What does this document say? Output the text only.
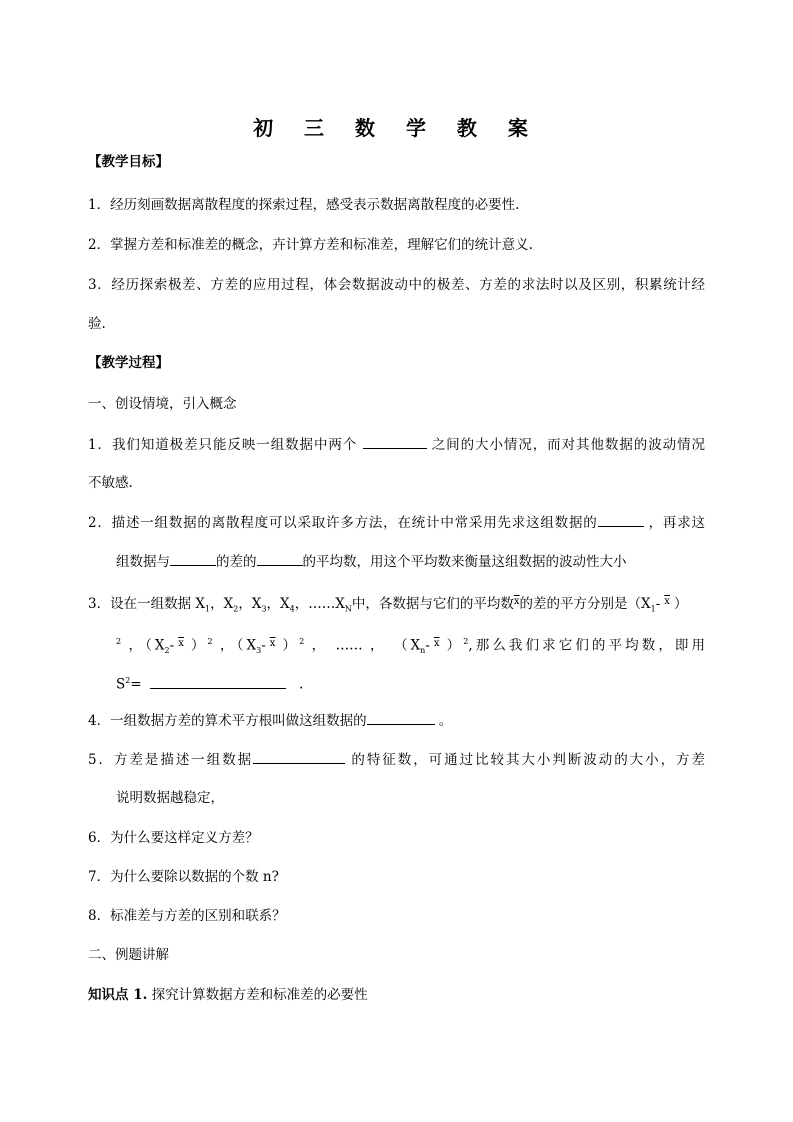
初 三 数 学 教 案
【教学目标】
1．经历刻画数据离散程度的探索过程，感受表示数据离散程度的必要性.
2．掌握方差和标准差的概念，卉计算方差和标准差，理解它们的统计意义.
3．经历探索极差、方差的应用过程，体会数据波动中的极差、方差的求法时以及区别，积累统计经
验.
【教学过程】
一、创设情境，引入概念
1．我们知道极差只能反映一组数据中两个	之间的大小情况，而对其他数据的波动情况
不敏感.
2．描述一组数据的离散程度可以采取许多方法，在统计中常采用先求这组数据的	，再求这
组数据与	的差的	的平均数，用这个平均数来衡量这组数据的波动性大小
3．设在一组数据 $X_1$，$X_2$，$X_3$，$X_4$，$\dots\dots X_N$中，各数据与它们的平均数$^{\overline{x}}$的差的平方分别是（$X_1-$ $^{\overline{x}}$ ）
$^2$ ，（$X_2-$ $^{\overline{x}}$ ）$^2$ ，（$X_3-$ $^{\overline{x}}$ ）$^2$ ， …… ， （$X_n-$ $^{\overline{x}}$ ）$^2$,那么我们求它们的平均数，即用
$S^2=$	.
4．一组数据方差的算术平方根叫做这组数据的	。
5．方差是描述一组数据	的特征数，可通过比较其大小判断波动的大小，方差
说明数据越稳定，
6．为什么要这样定义方差？
7．为什么要除以数据的个数 n?
8．标准差与方差的区别和联系？
二、例题讲解
知识点 1. 探究计算数据方差和标准差的必要性
